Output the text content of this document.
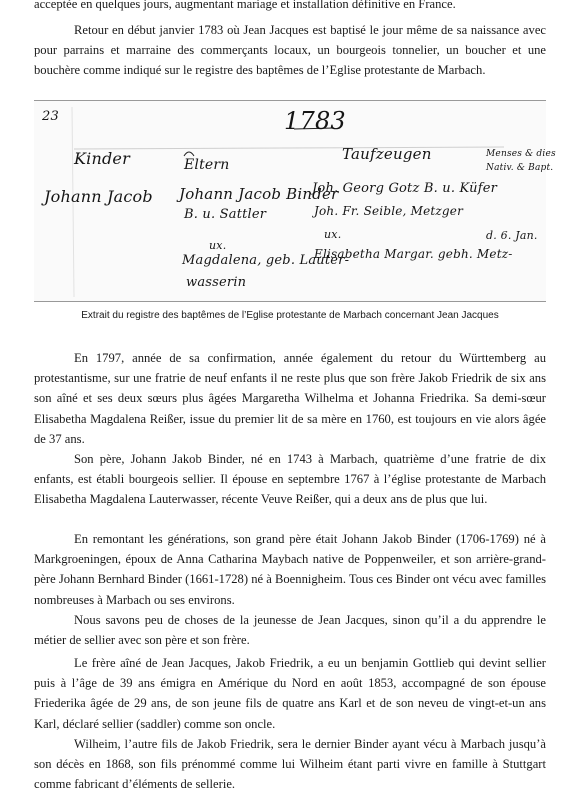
acceptée en quelques jours, augmentant mariage et installation définitive en France.

Retour en début janvier 1783 où Jean Jacques est baptisé le jour même de sa naissance avec pour parrains et marraine des commerçants locaux, un bourgeois tonnelier, un boucher et une bouchère comme indiqué sur le registre des baptêmes de l’Eglise protestante de Marbach.

23	1783
Kinder
Johann Jacob
Eltern
Johann Jacob Binder
B. u. Sattler
ux.
Magdalena, geb. Lauter-
wasserin
Taufzeugen
Joh. Georg Gotz B. u. Küfer
Joh. Fr. Seible, Metzger
ux.
Elisabetha Margar. gebh. Metz-
Menses & dies
Nativ. & Bapt.
d. 6. Jan.

Extrait du registre des baptêmes de l’Eglise protestante de Marbach concernant Jean Jacques

En 1797, année de sa confirmation, année également du retour du Württemberg au protestantisme, sur une fratrie de neuf enfants il ne reste plus que son frère Jakob Friedrik de six ans son aîné et ses deux sœurs plus âgées Margaretha Wilhelma et Johanna Friedrika. Sa demi-sœur Elisabetha Magdalena Reißer, issue du premier lit de sa mère en 1760, est toujours en vie alors âgée de 37 ans.

Son père, Johann Jakob Binder, né en 1743 à Marbach, quatrième d’une fratrie de dix enfants, est établi bourgeois sellier. Il épouse en septembre 1767 à l’église protestante de Marbach Elisabetha Magdalena Lauterwasser, récente Veuve Reißer, qui a deux ans de plus que lui.

En remontant les générations, son grand père était Johann Jakob Binder (1706-1769) né à Markgroeningen, époux de Anna Catharina Maybach native de Poppenweiler, et son arrière-grand-père Johann Bernhard Binder (1661-1728) né à Boennigheim. Tous ces Binder ont vécu avec familles nombreuses à Marbach ou ses environs.

Nous savons peu de choses de la jeunesse de Jean Jacques, sinon qu’il a du apprendre le métier de sellier avec son père et son frère.

Le frère aîné de Jean Jacques, Jakob Friedrik, a eu un benjamin Gottlieb qui devint sellier puis à l’âge de 39 ans émigra en Amérique du Nord en août 1853, accompagné de son épouse Friederika âgée de 29 ans, de son jeune fils de quatre ans Karl et de son neveu de vingt-et-un ans Karl, déclaré sellier (saddler) comme son oncle.

Wilheim, l’autre fils de Jakob Friedrik, sera le dernier Binder ayant vécu à Marbach jusqu’à son décès en 1868, son fils prénommé comme lui Wilheim étant parti vivre en famille à Stuttgart comme fabricant d’éléments de sellerie.
